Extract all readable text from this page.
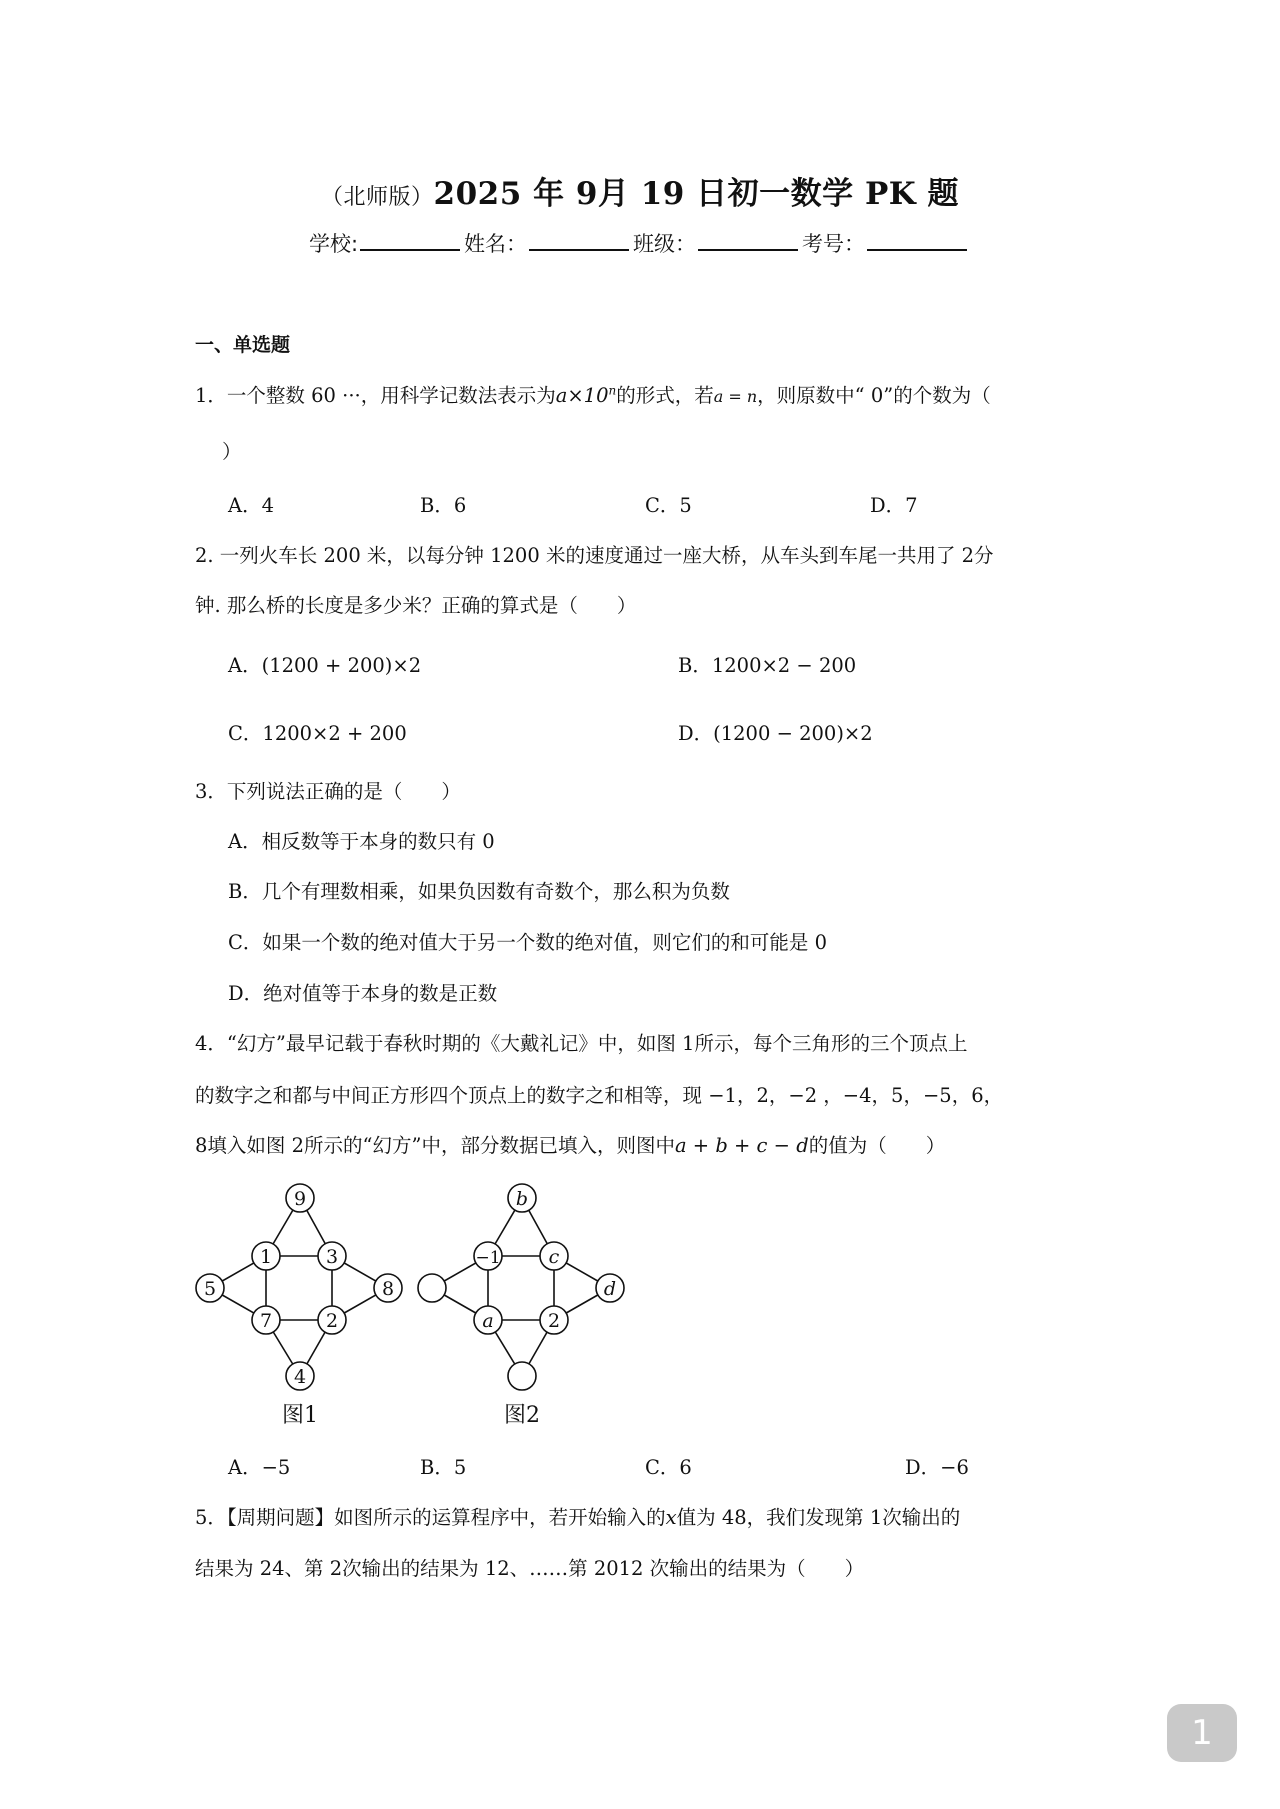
（北师版）2025 年 9月 19 日初一数学 PK 题
学校:	姓名：	班级：	考号：
一、单选题
1．一个整数 60 ···，用科学记数法表示为$a\times 10^n$的形式，若a = n，则原数中“ 0”的个数为（
）
A．4	B．6	C．5	D．7
2. 一列火车长 200 米，以每分钟 1200 米的速度通过一座大桥，从车头到车尾一共用了 2分
钟. 那么桥的长度是多少米？正确的算式是（　　）
A．(1200 + 200)×2	B．1200×2 − 200
C．1200×2 + 200	D．(1200 − 200)×2
3．下列说法正确的是（　　）
A．相反数等于本身的数只有 0
B．几个有理数相乘，如果负因数有奇数个，那么积为负数
C．如果一个数的绝对值大于另一个数的绝对值，则它们的和可能是 0
D．绝对值等于本身的数是正数
4．“幻方”最早记载于春秋时期的《大戴礼记》中，如图 1所示，每个三角形的三个顶点上
的数字之和都与中间正方形四个顶点上的数字之和相等，现 −1，2，−2 ，−4，5，−5，6，
8填入如图 2所示的“幻方”中，部分数据已填入，则图中a + b + c − d的值为（　　）
9
1	3
5	8
7	2
4
图1
b
−1	c
d
a	2
图2
A．−5	B．5	C．6	D．−6
5．【周期问题】如图所示的运算程序中，若开始输入的x值为 48，我们发现第 1次输出的
结果为 24、第 2次输出的结果为 12、……第 2012 次输出的结果为（　　）
1
